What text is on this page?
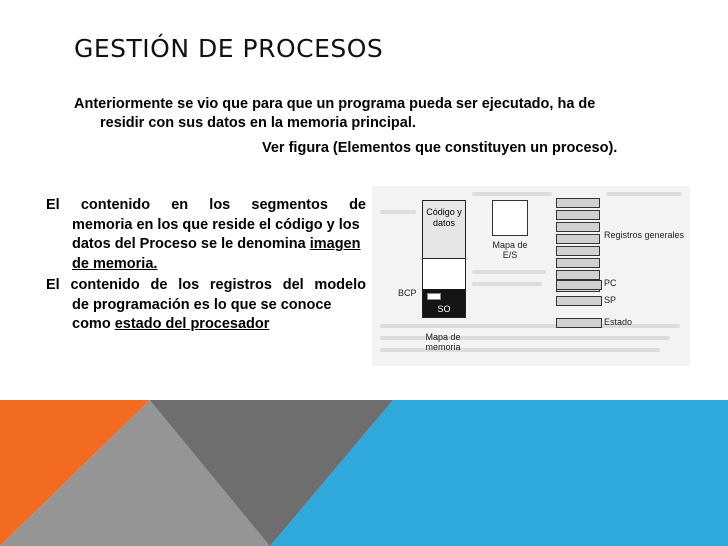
GESTIÓN DE PROCESOS
Anteriormente se vio que para que un programa pueda ser ejecutado, ha de
residir con sus datos en la memoria principal.
Ver figura (Elementos que constituyen un proceso).

El contenido en los segmentos de
memoria en los que reside el código y los datos del Proceso se le denomina imagen de memoria.

El contenido de los registros del modelo
de programación es lo que se conoce como estado del procesador

Código y datos
SO
BCP
Mapa de memoria
Mapa de E/S
Registros generales
PC
SP
Estado
